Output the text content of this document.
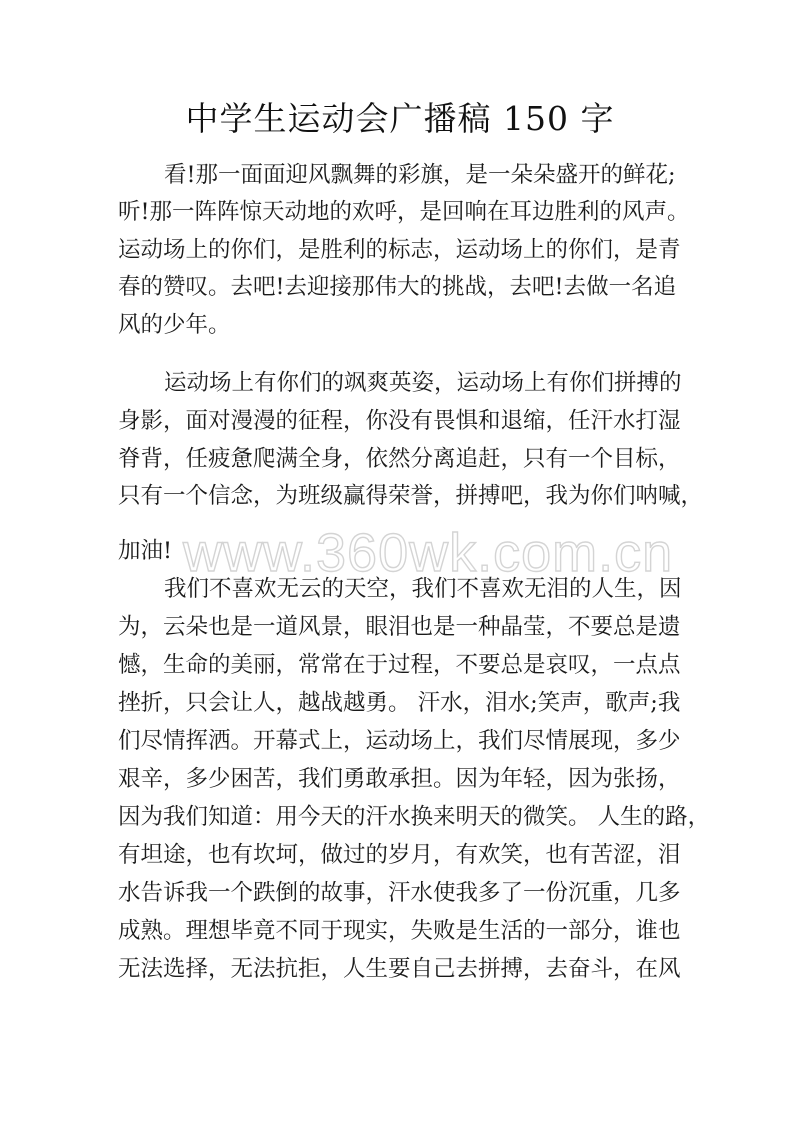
中学生运动会广播稿 150 字

看!那一面面迎风飘舞的彩旗，是一朵朵盛开的鲜花;

听!那一阵阵惊天动地的欢呼，是回响在耳边胜利的风声。

运动场上的你们，是胜利的标志，运动场上的你们，是青

春的赞叹。去吧!去迎接那伟大的挑战，去吧!去做一名追

风的少年。

运动场上有你们的飒爽英姿，运动场上有你们拼搏的

身影，面对漫漫的征程，你没有畏惧和退缩，任汗水打湿

脊背，任疲惫爬满全身，依然分离追赶，只有一个目标，

只有一个信念，为班级赢得荣誉，拼搏吧，我为你们呐喊，

加油! www.360wk.com.cn

我们不喜欢无云的天空，我们不喜欢无泪的人生，因

为，云朵也是一道风景，眼泪也是一种晶莹，不要总是遗

憾，生命的美丽，常常在于过程，不要总是哀叹，一点点

挫折，只会让人，越战越勇。 汗水，泪水;笑声，歌声;我

们尽情挥洒。开幕式上，运动场上，我们尽情展现，多少

艰辛，多少困苦，我们勇敢承担。因为年轻，因为张扬，

因为我们知道：用今天的汗水换来明天的微笑。 人生的路，

有坦途，也有坎坷，做过的岁月，有欢笑，也有苦涩，泪

水告诉我一个跌倒的故事，汗水使我多了一份沉重，几多

成熟。理想毕竟不同于现实，失败是生活的一部分，谁也

无法选择，无法抗拒，人生要自己去拼搏，去奋斗，在风
